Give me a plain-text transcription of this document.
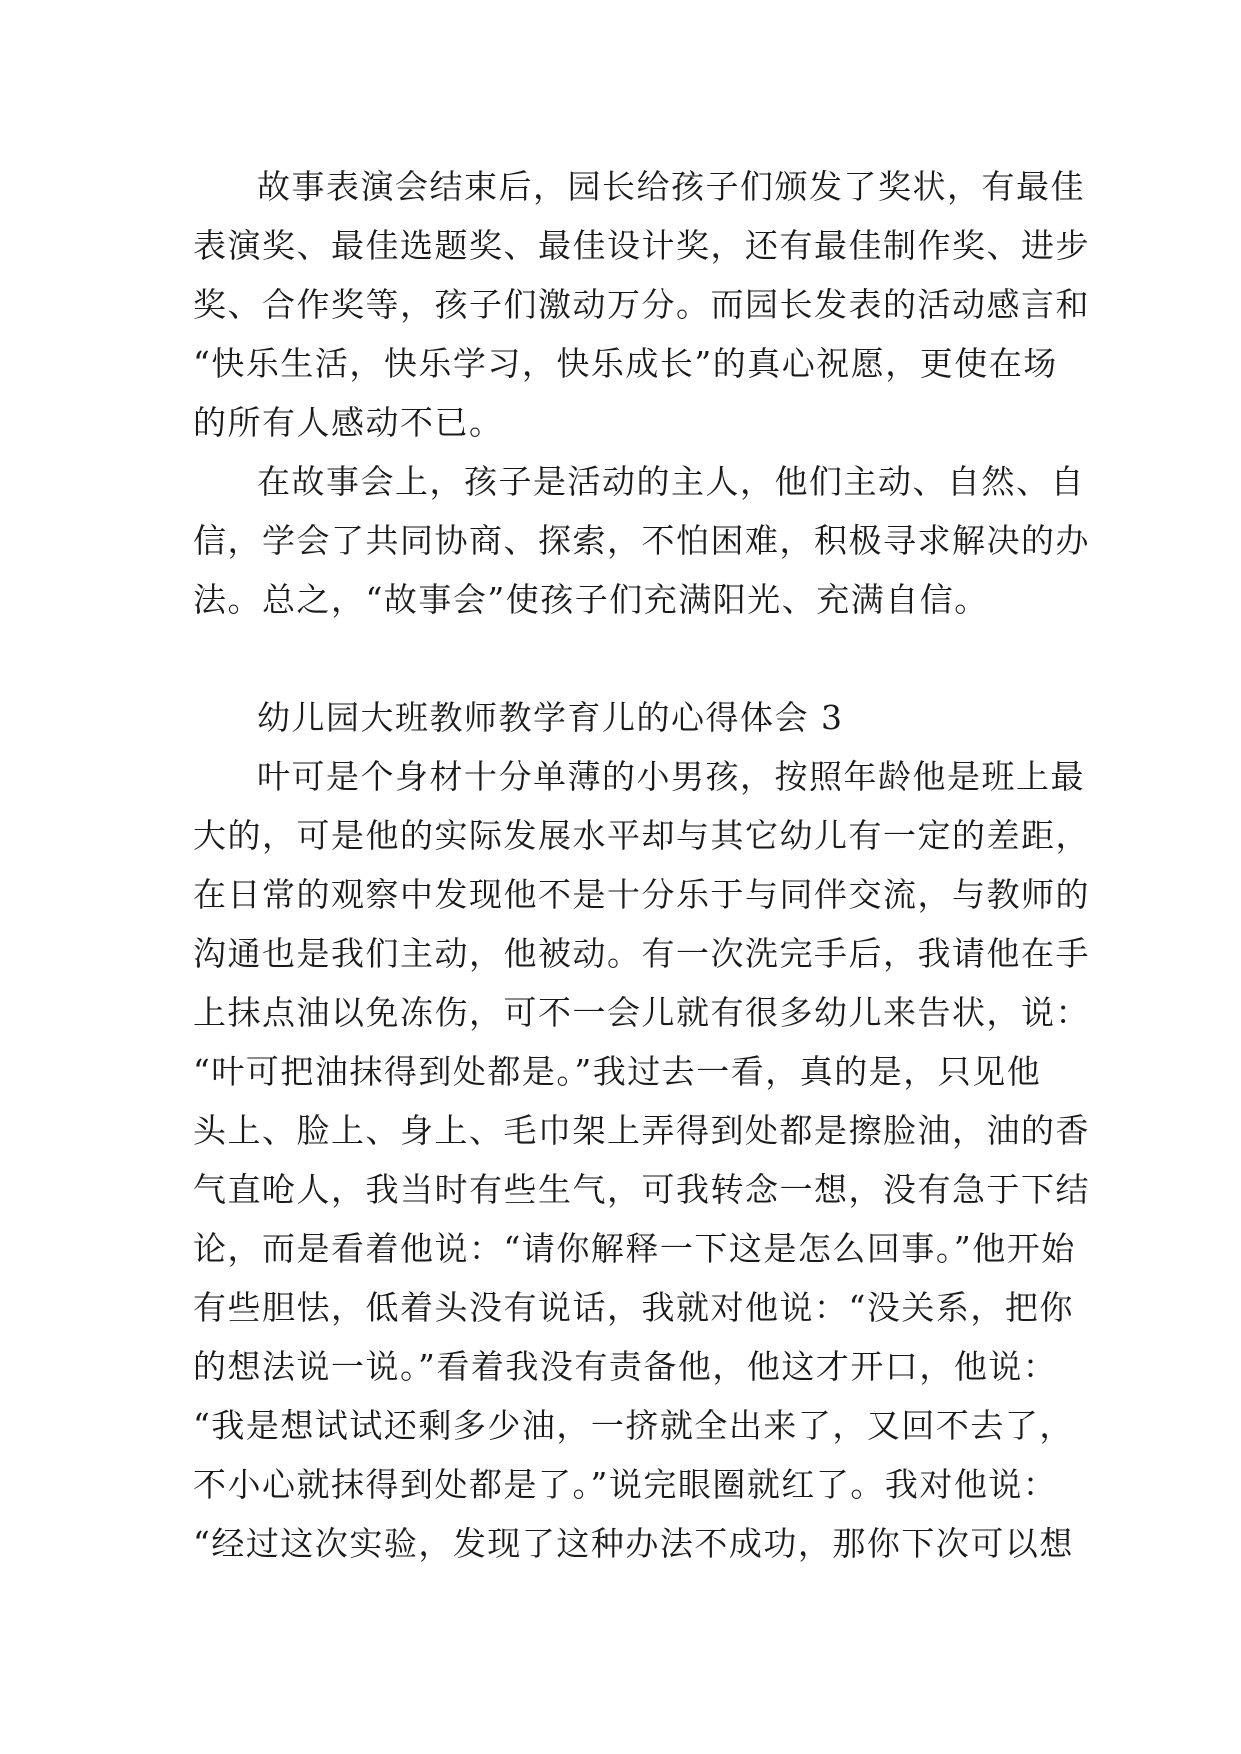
故事表演会结束后，园长给孩子们颁发了奖状，有最佳
表演奖、最佳选题奖、最佳设计奖，还有最佳制作奖、进步
奖、合作奖等，孩子们激动万分。而园长发表的活动感言和
“快乐生活，快乐学习，快乐成长”的真心祝愿，更使在场
的所有人感动不已。
在故事会上，孩子是活动的主人，他们主动、自然、自
信，学会了共同协商、探索，不怕困难，积极寻求解决的办
法。总之，“故事会”使孩子们充满阳光、充满自信。
幼儿园大班教师教学育儿的心得体会 3
叶可是个身材十分单薄的小男孩，按照年龄他是班上最
大的，可是他的实际发展水平却与其它幼儿有一定的差距，
在日常的观察中发现他不是十分乐于与同伴交流，与教师的
沟通也是我们主动，他被动。有一次洗完手后，我请他在手
上抹点油以免冻伤，可不一会儿就有很多幼儿来告状，说：
“叶可把油抹得到处都是。”我过去一看，真的是，只见他
头上、脸上、身上、毛巾架上弄得到处都是擦脸油，油的香
气直呛人，我当时有些生气，可我转念一想，没有急于下结
论，而是看着他说：“请你解释一下这是怎么回事。”他开始
有些胆怯，低着头没有说话，我就对他说：“没关系，把你
的想法说一说。”看着我没有责备他，他这才开口，他说：
“我是想试试还剩多少油，一挤就全出来了，又回不去了，
不小心就抹得到处都是了。”说完眼圈就红了。我对他说：
“经过这次实验，发现了这种办法不成功，那你下次可以想
